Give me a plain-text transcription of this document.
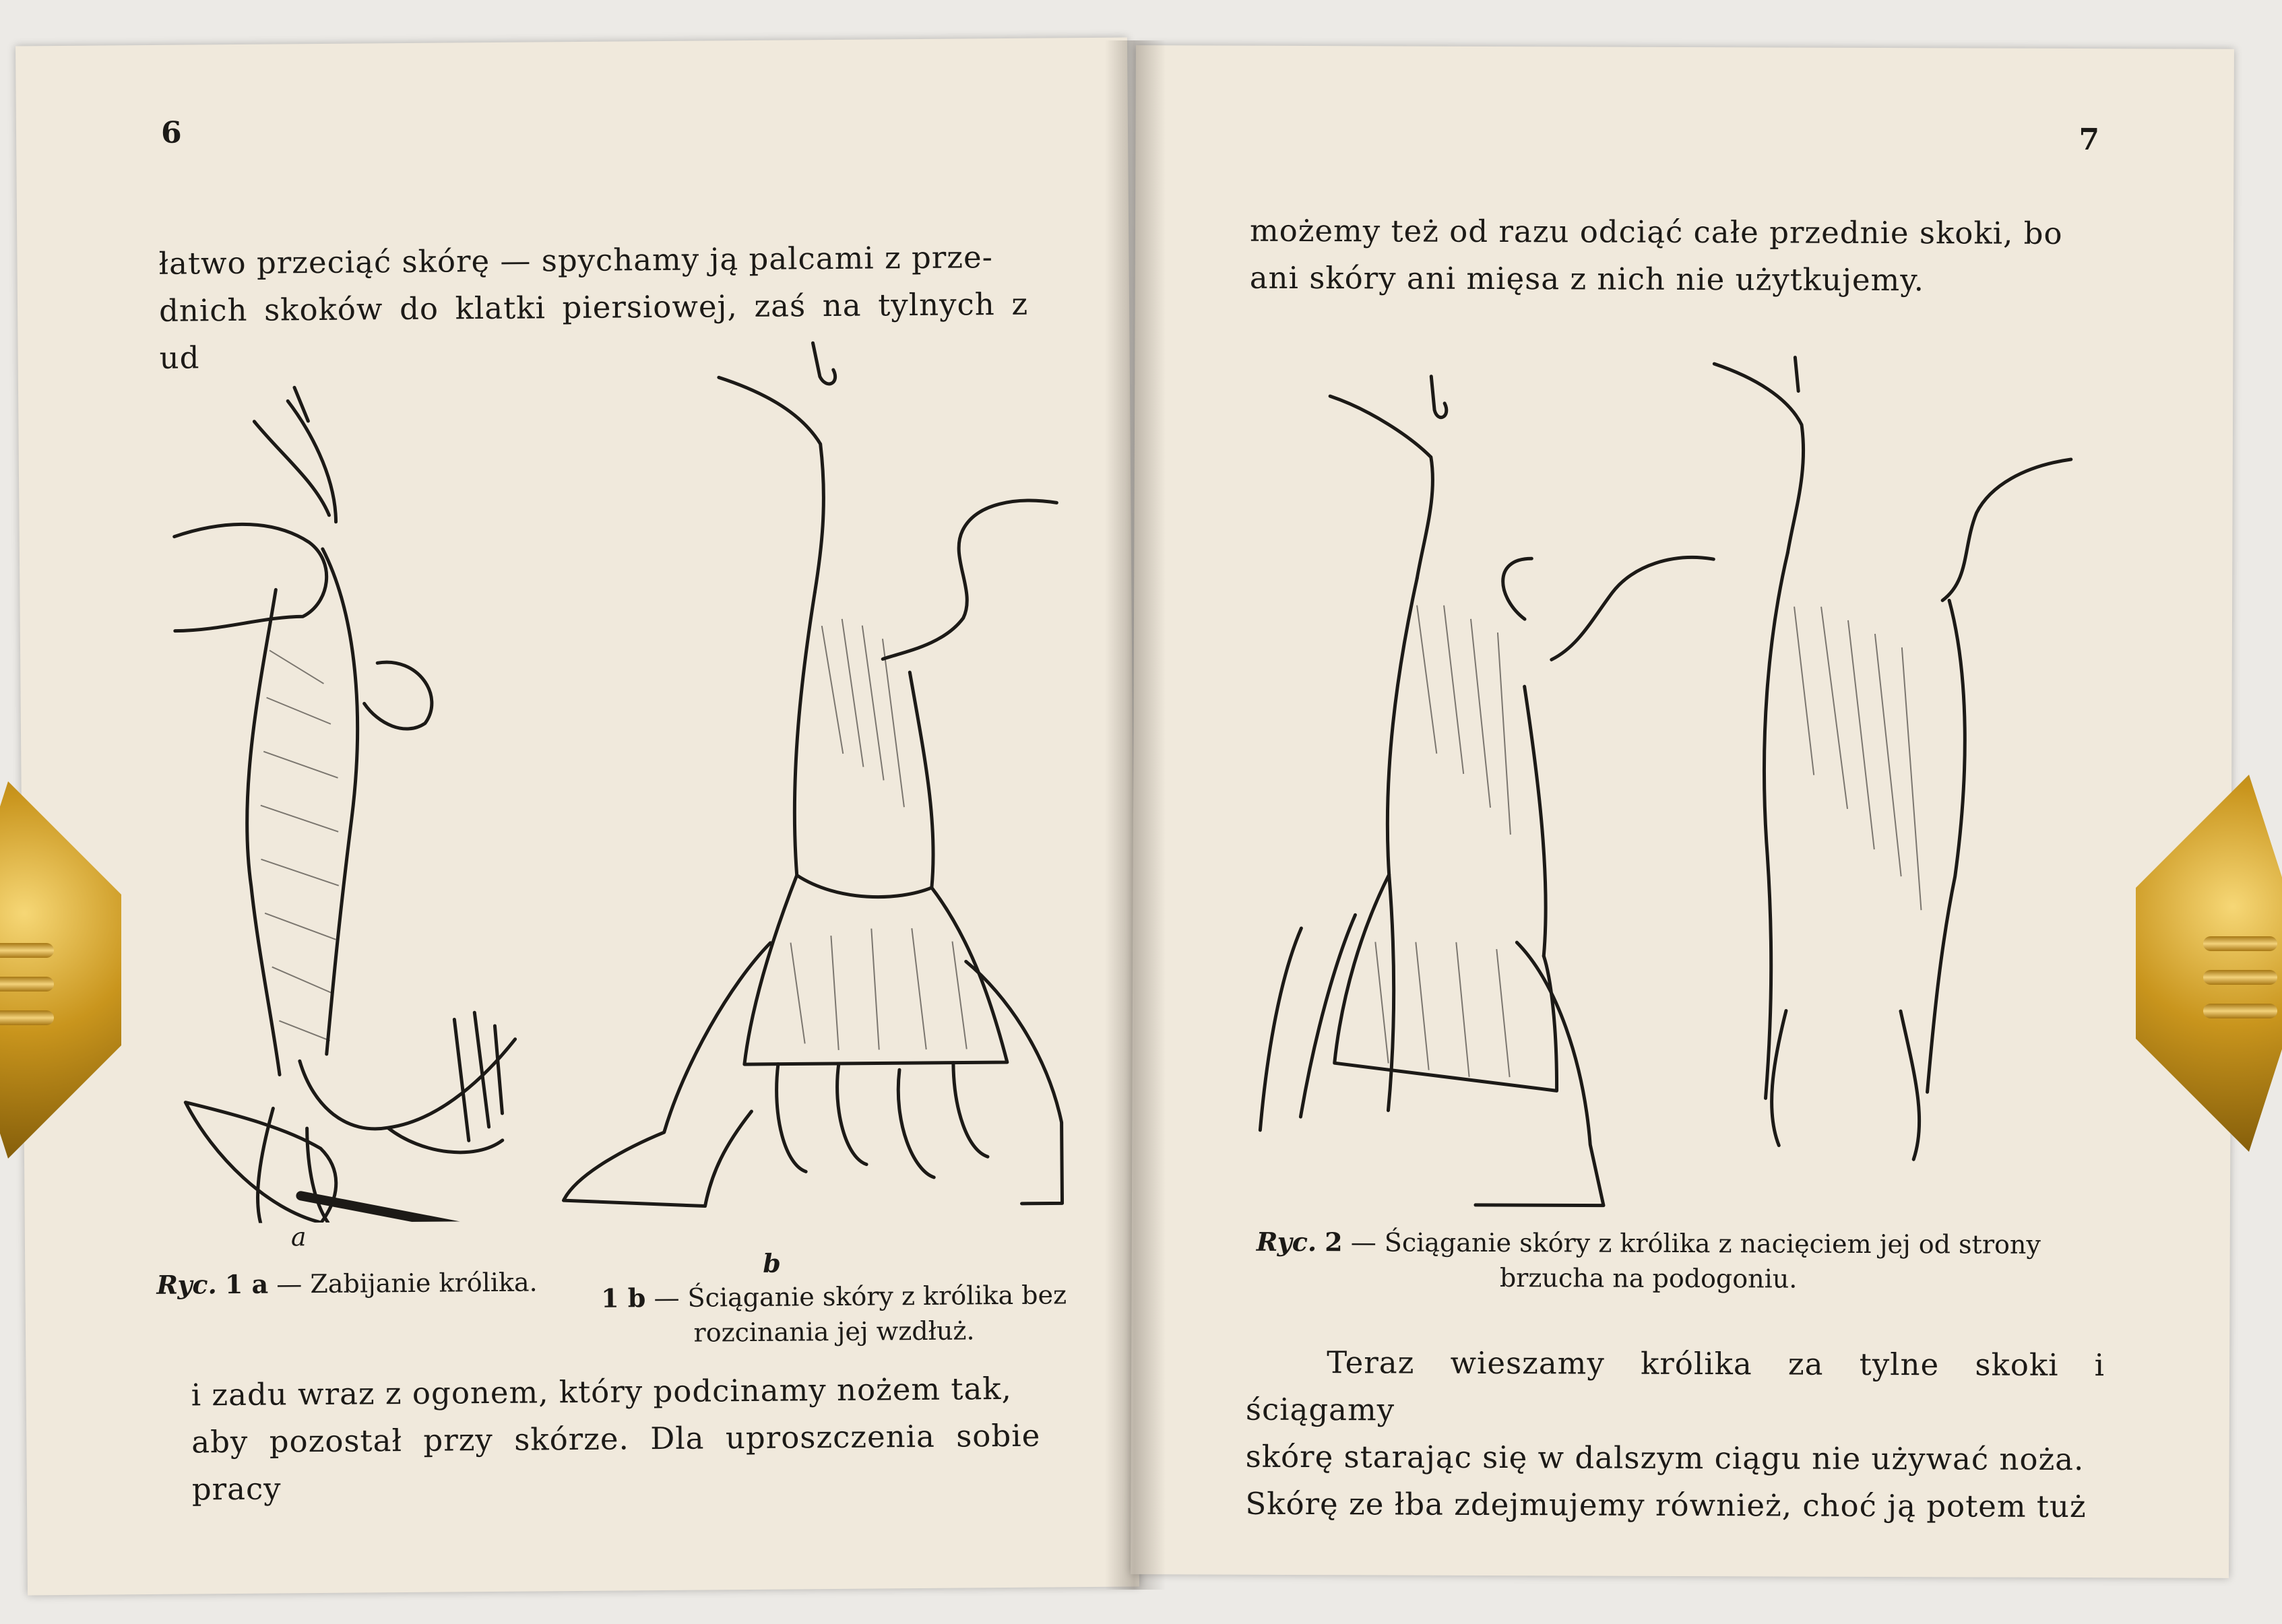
6
łatwo przeciąć skórę — spychamy ją palcami z prze-
dnich skoków do klatki piersiowej, zaś na tylnych z ud
a
b
Ryc. 1 a — Zabijanie królika.	1 b — Ściąganie skóry z królika bez
rozcinania jej wzdłuż.
i zadu wraz z ogonem, który podcinamy nożem tak,
aby pozostał przy skórze. Dla uproszczenia sobie pracy
7
możemy też od razu odciąć całe przednie skoki, bo
ani skóry ani mięsa z nich nie użytkujemy.
Ryc. 2 — Ściąganie skóry z królika z nacięciem jej od strony
brzucha na podogoniu.
Teraz wieszamy królika za tylne skoki i ściągamy
skórę starając się w dalszym ciągu nie używać noża.
Skórę ze łba zdejmujemy również, choć ją potem tuż
